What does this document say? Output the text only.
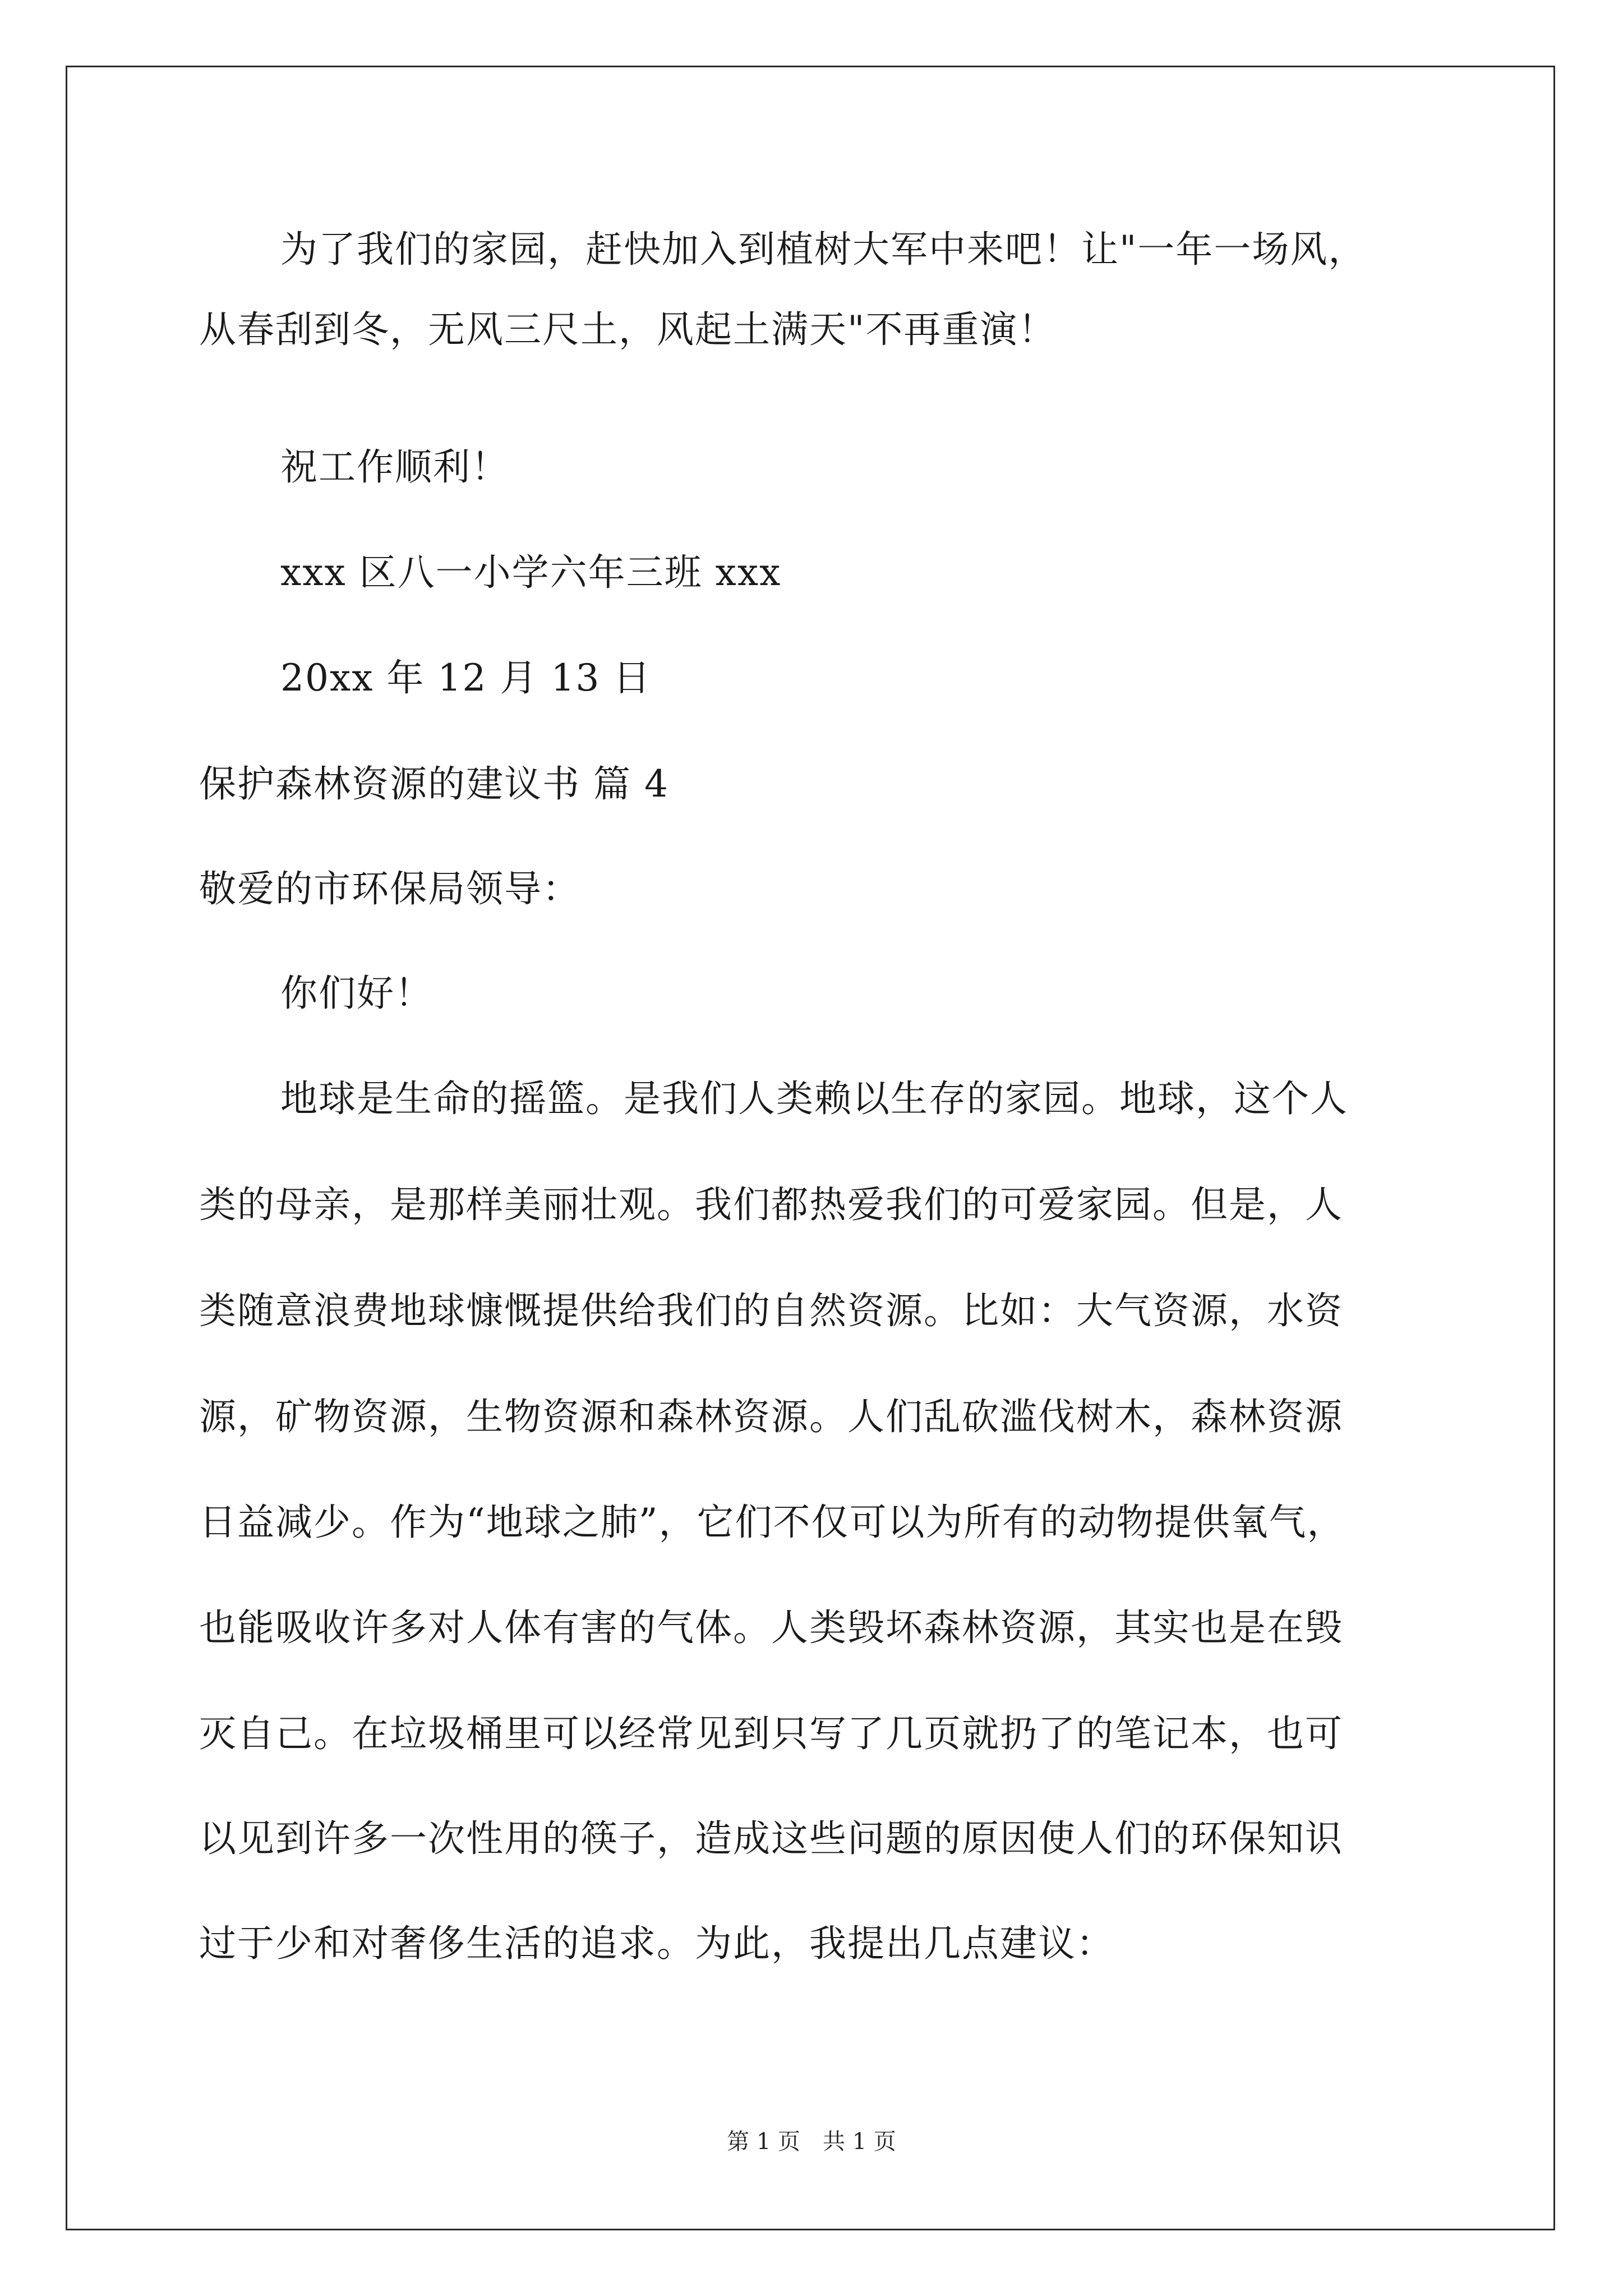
为了我们的家园，赶快加入到植树大军中来吧！让"一年一场风，
从春刮到冬，无风三尺土，风起土满天"不再重演！
祝工作顺利！
xxx 区八一小学六年三班 xxx
20xx 年 12 月 13 日
保护森林资源的建议书 篇 4
敬爱的市环保局领导：
你们好！
地球是生命的摇篮。是我们人类赖以生存的家园。地球，这个人
类的母亲，是那样美丽壮观。我们都热爱我们的可爱家园。但是，人
类随意浪费地球慷慨提供给我们的自然资源。比如：大气资源，水资
源，矿物资源，生物资源和森林资源。人们乱砍滥伐树木，森林资源
日益减少。作为“地球之肺”，它们不仅可以为所有的动物提供氧气，
也能吸收许多对人体有害的气体。人类毁坏森林资源，其实也是在毁
灭自己。在垃圾桶里可以经常见到只写了几页就扔了的笔记本，也可
以见到许多一次性用的筷子，造成这些问题的原因使人们的环保知识
过于少和对奢侈生活的追求。为此，我提出几点建议：
第 1 页　共 1 页
